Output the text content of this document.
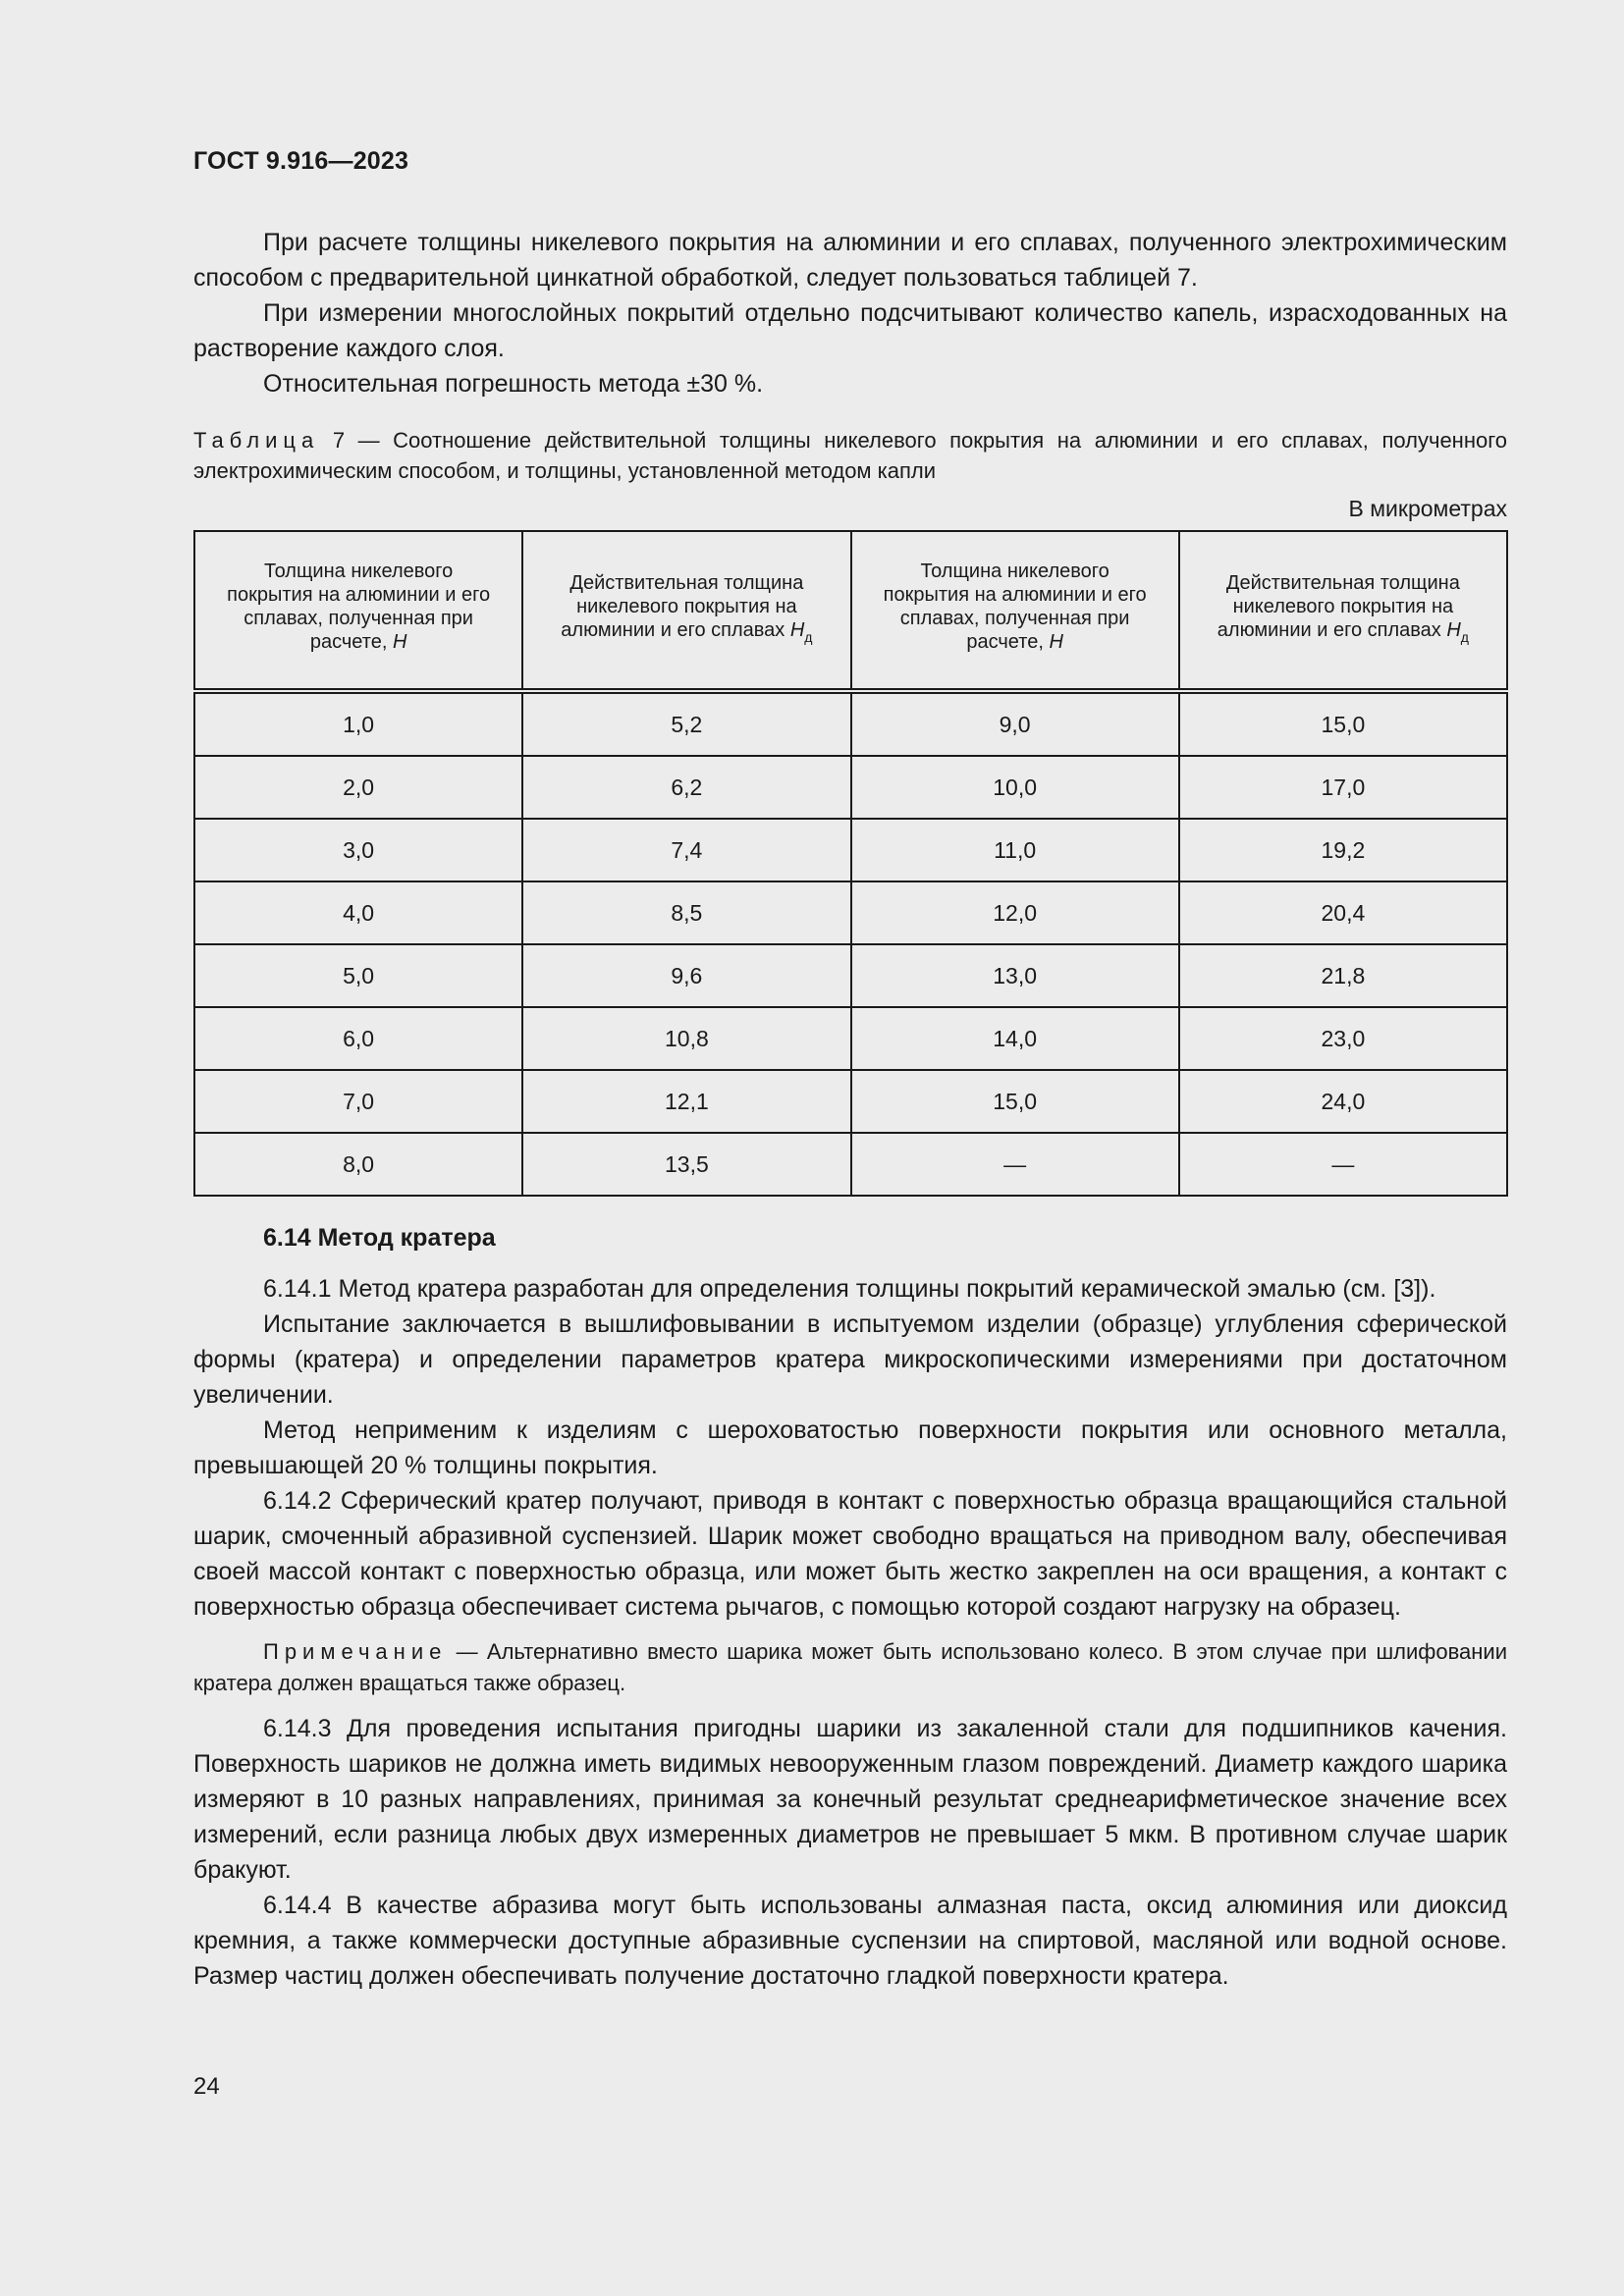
ГОСТ 9.916—2023

При расчете толщины никелевого покрытия на алюминии и его сплавах, полученного электрохимическим способом с предварительной цинкатной обработкой, следует пользоваться таблицей 7.

При измерении многослойных покрытий отдельно подсчитывают количество капель, израсходованных на растворение каждого слоя.

Относительная погрешность метода ±30 %.

Таблица 7 — Соотношение действительной толщины никелевого покрытия на алюминии и его сплавах, полученного электрохимическим способом, и толщины, установленной методом капли

В микрометрах
Толщина никелевого покрытия на алюминии и его сплавах, полученная при расчете, H	Действительная толщина никелевого покрытия на алюминии и его сплавах $H_д$	Толщина никелевого покрытия на алюминии и его сплавах, полученная при расчете, H	Действительная толщина никелевого покрытия на алюминии и его сплавах $H_д$
1,0	5,2	9,0	15,0
2,0	6,2	10,0	17,0
3,0	7,4	11,0	19,2
4,0	8,5	12,0	20,4
5,0	9,6	13,0	21,8
6,0	10,8	14,0	23,0
7,0	12,1	15,0	24,0
8,0	13,5	—	—
6.14 Метод кратера

6.14.1 Метод кратера разработан для определения толщины покрытий керамической эмалью (см. [3]).

Испытание заключается в вышлифовывании в испытуемом изделии (образце) углубления сферической формы (кратера) и определении параметров кратера микроскопическими измерениями при достаточном увеличении.

Метод неприменим к изделиям с шероховатостью поверхности покрытия или основного металла, превышающей 20 % толщины покрытия.

6.14.2 Сферический кратер получают, приводя в контакт с поверхностью образца вращающийся стальной шарик, смоченный абразивной суспензией. Шарик может свободно вращаться на приводном валу, обеспечивая своей массой контакт с поверхностью образца, или может быть жестко закреплен на оси вращения, а контакт с поверхностью образца обеспечивает система рычагов, с помощью которой создают нагрузку на образец.

Примечание — Альтернативно вместо шарика может быть использовано колесо. В этом случае при шлифовании кратера должен вращаться также образец.

6.14.3 Для проведения испытания пригодны шарики из закаленной стали для подшипников качения. Поверхность шариков не должна иметь видимых невооруженным глазом повреждений. Диаметр каждого шарика измеряют в 10 разных направлениях, принимая за конечный результат среднеарифметическое значение всех измерений, если разница любых двух измеренных диаметров не превышает 5 мкм. В противном случае шарик бракуют.

6.14.4 В качестве абразива могут быть использованы алмазная паста, оксид алюминия или диоксид кремния, а также коммерчески доступные абразивные суспензии на спиртовой, масляной или водной основе. Размер частиц должен обеспечивать получение достаточно гладкой поверхности кратера.

24
